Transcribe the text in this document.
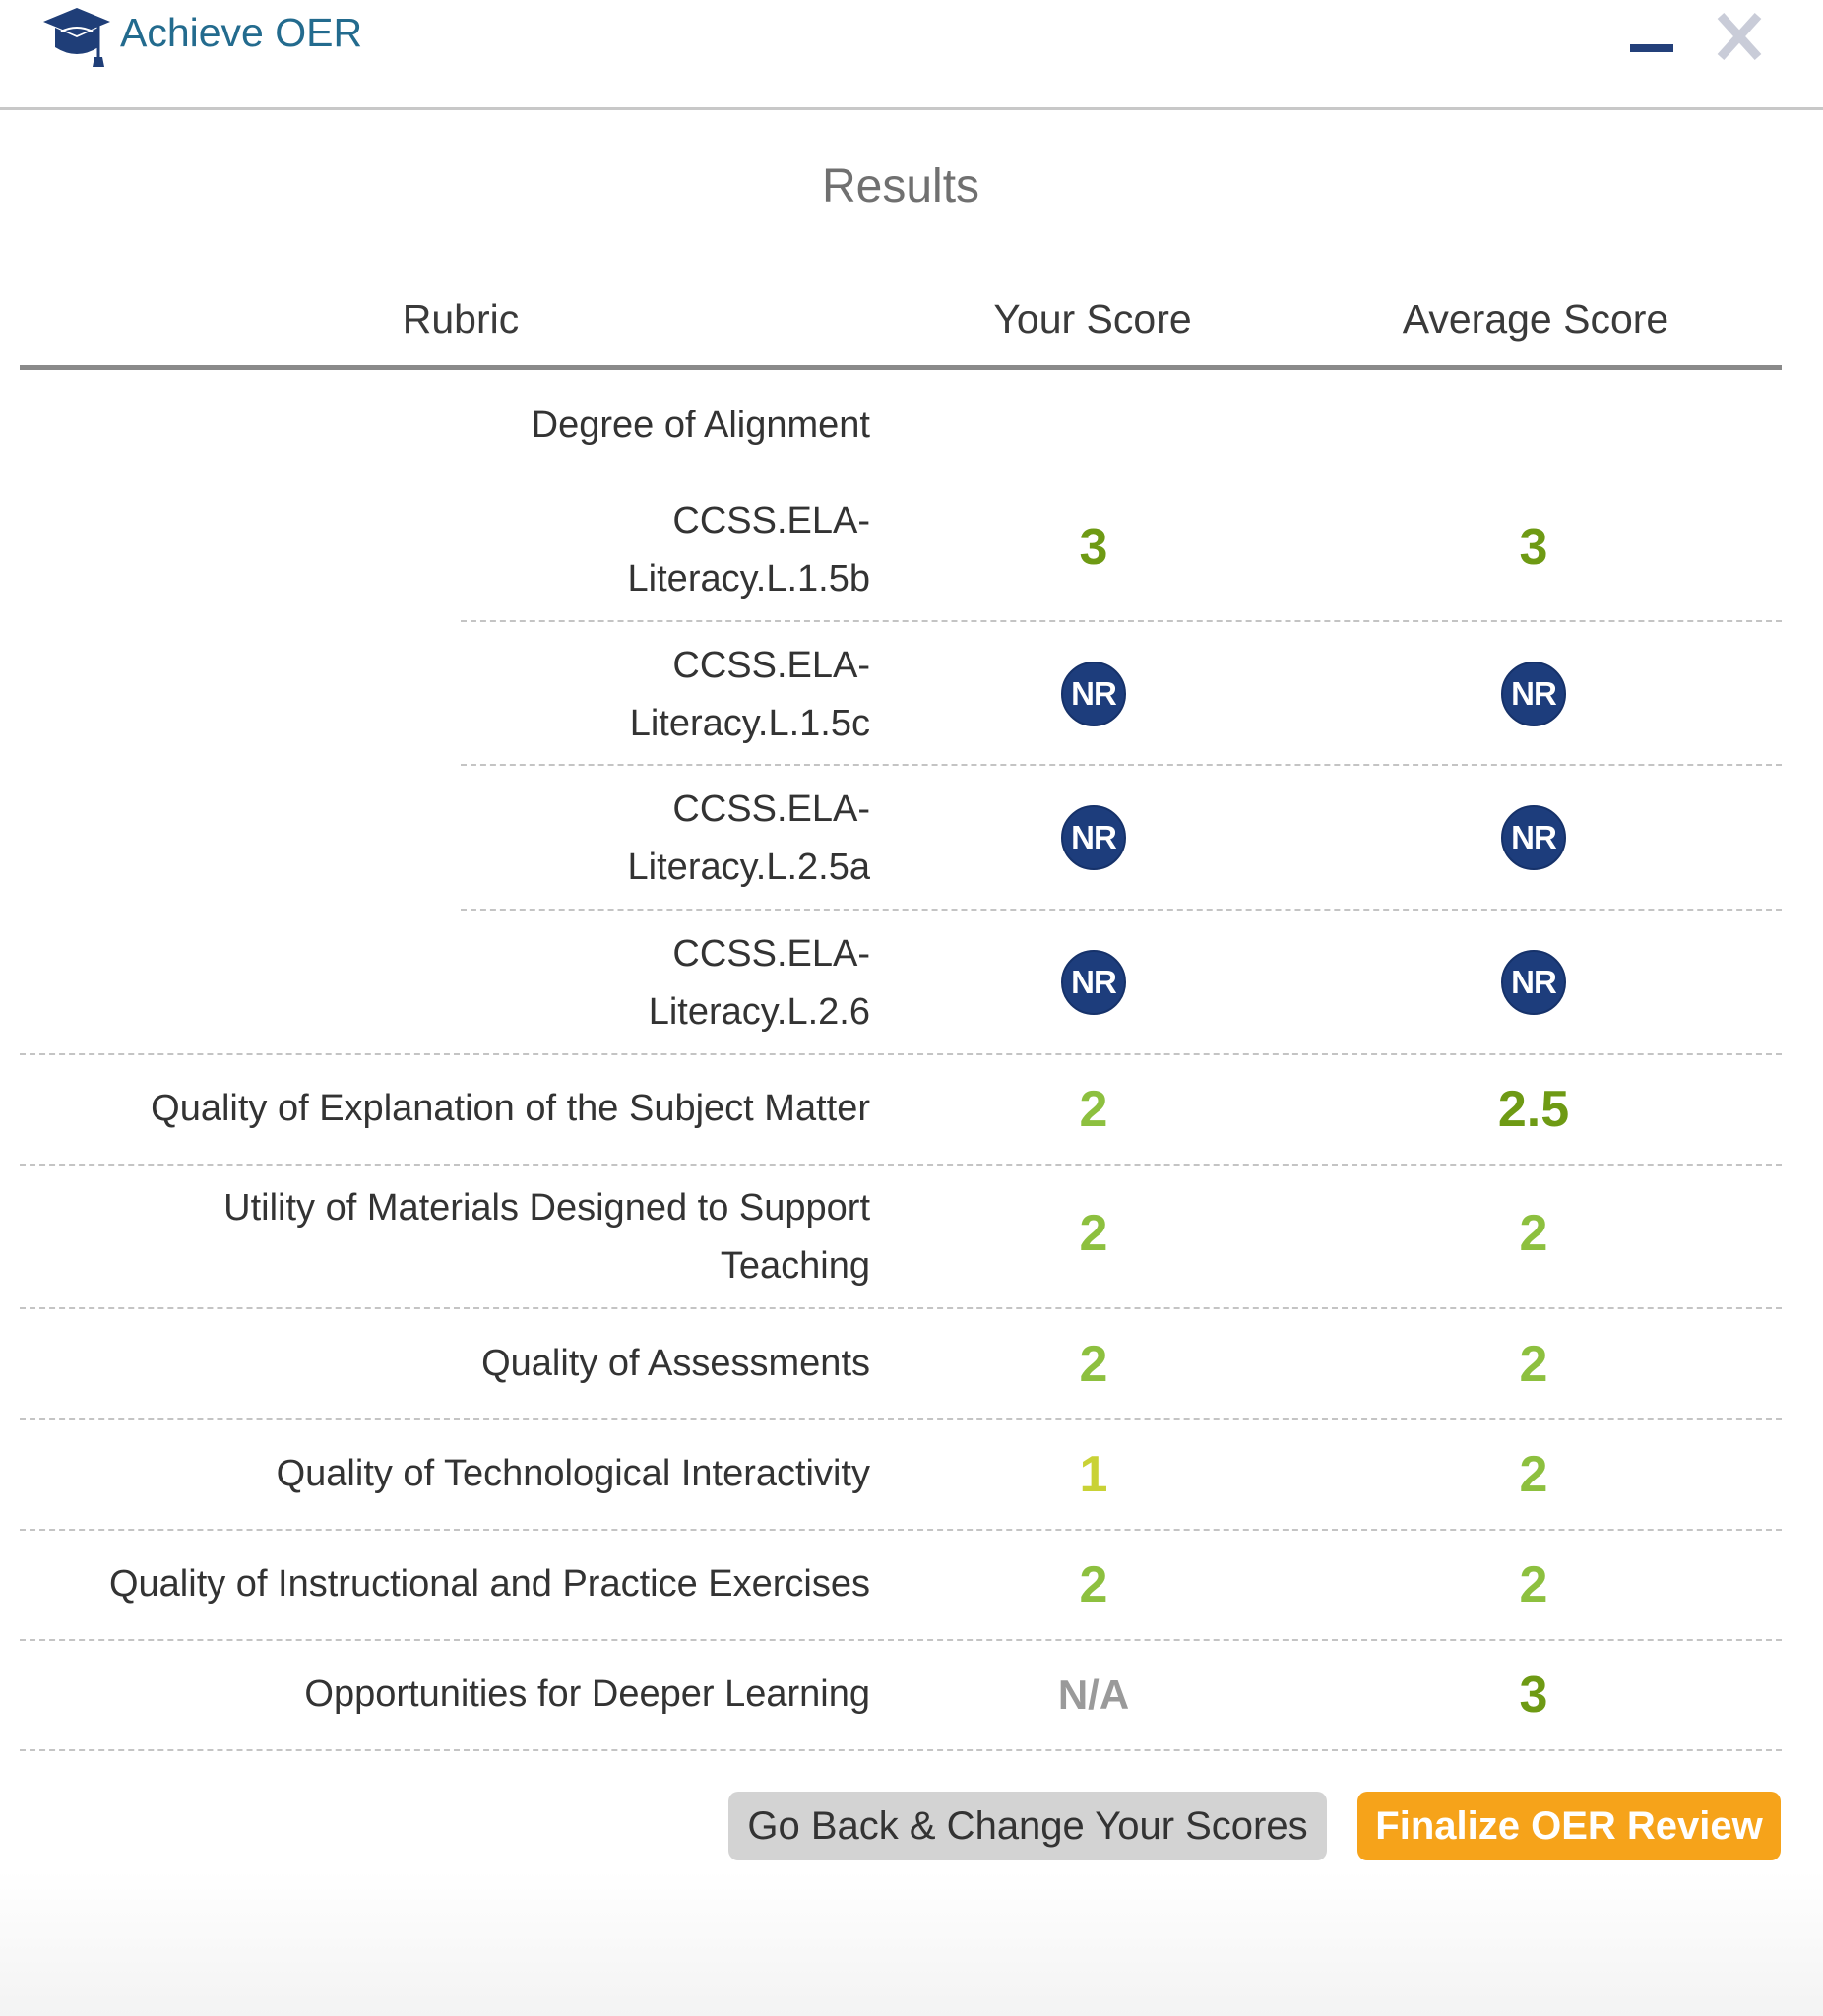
Achieve OER
Results
Rubric	Your Score	Average Score
Degree of Alignment
CCSS.ELA-
Literacy.L.1.5b
3	3
CCSS.ELA-
Literacy.L.1.5c
NR	NR
CCSS.ELA-
Literacy.L.2.5a
NR	NR
CCSS.ELA-
Literacy.L.2.6
NR	NR
Quality of Explanation of the Subject Matter	2	2.5
Utility of Materials Designed to Support
Teaching
2	2
Quality of Assessments	2	2
Quality of Technological Interactivity	1	2
Quality of Instructional and Practice Exercises	2	2
Opportunities for Deeper Learning	N/A	3
Go Back & Change Your Scores	Finalize OER Review
